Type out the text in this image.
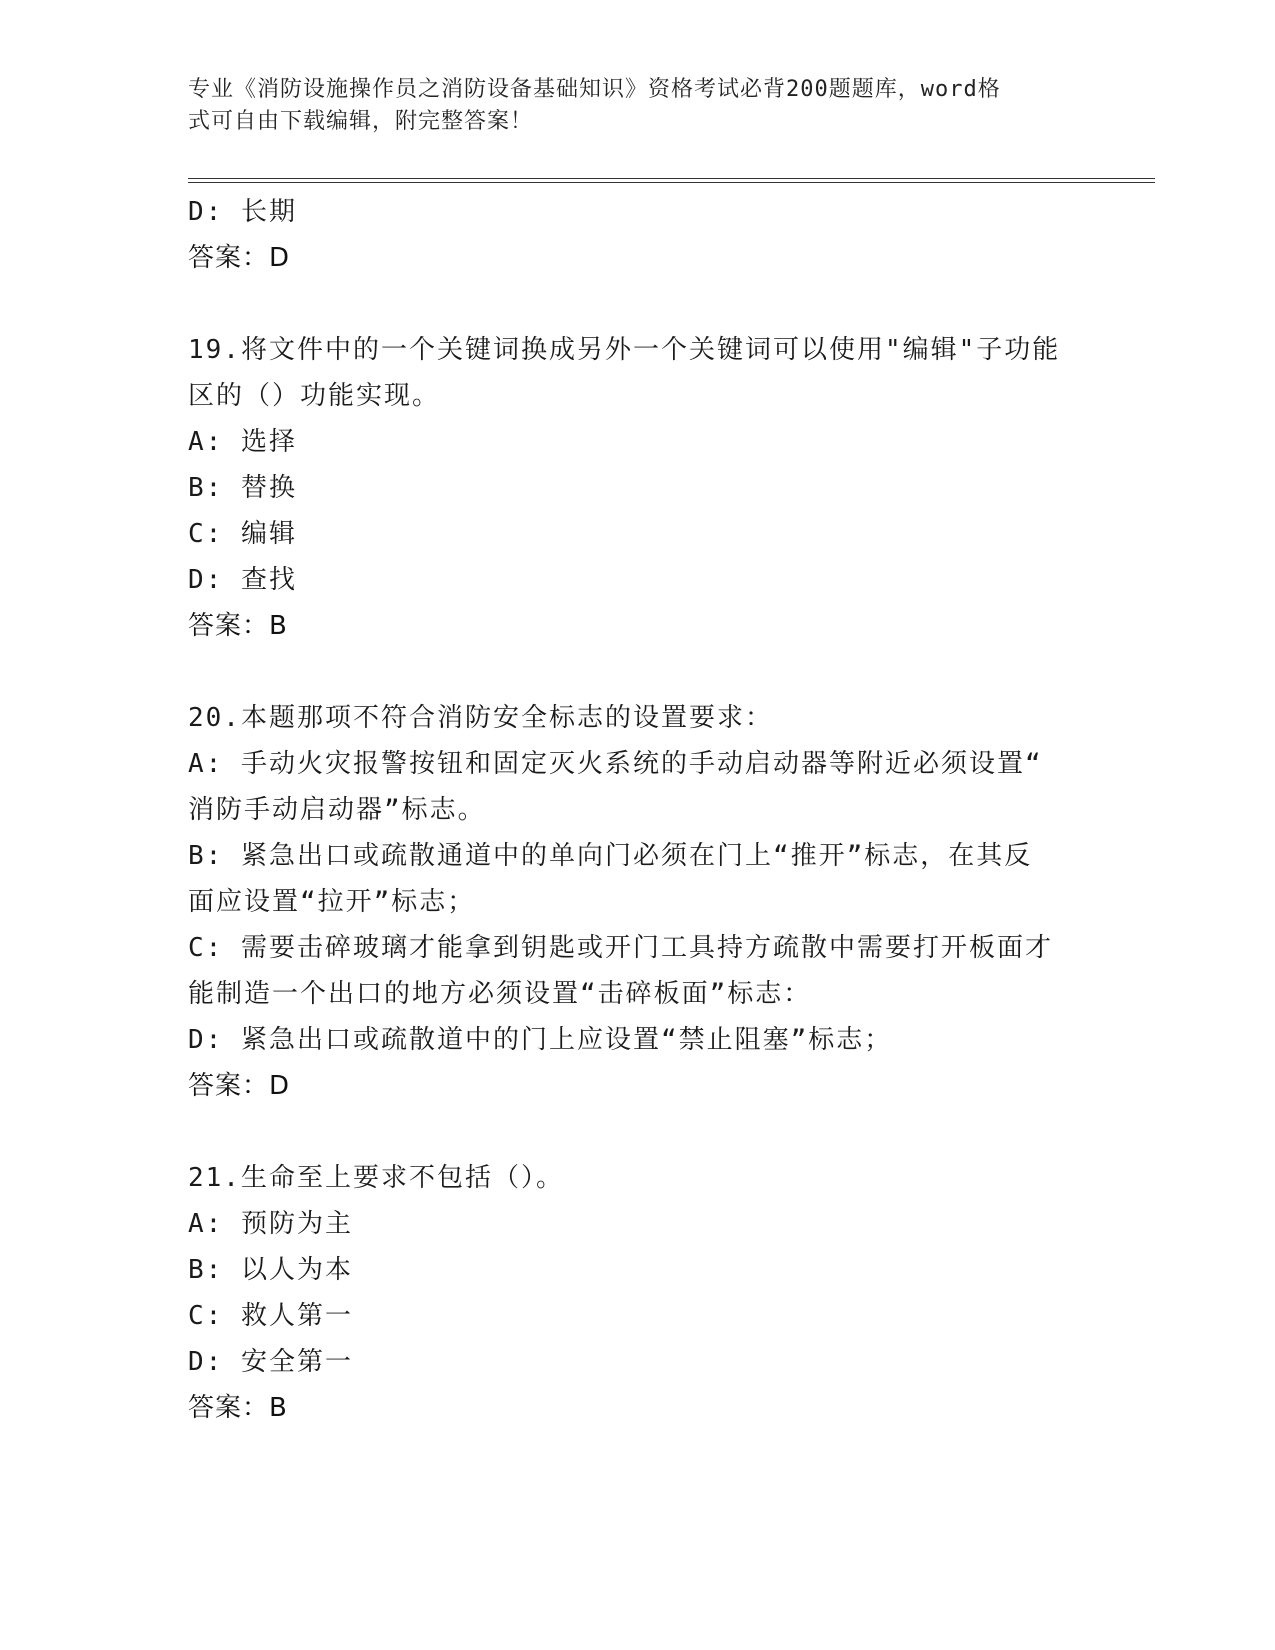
专业《消防设施操作员之消防设备基础知识》资格考试必背200题题库，word格
式可自由下载编辑，附完整答案！
D: 长期
答案：D
19.将文件中的一个关键词换成另外一个关键词可以使用"编辑"子功能
区的（）功能实现。
A: 选择
B: 替换
C: 编辑
D: 查找
答案：B
20.本题那项不符合消防安全标志的设置要求：
A: 手动火灾报警按钮和固定灭火系统的手动启动器等附近必须设置“
消防手动启动器”标志。
B: 紧急出口或疏散通道中的单向门必须在门上“推开”标志，在其反
面应设置“拉开”标志；
C: 需要击碎玻璃才能拿到钥匙或开门工具持方疏散中需要打开板面才
能制造一个出口的地方必须设置“击碎板面”标志：
D: 紧急出口或疏散道中的门上应设置“禁止阻塞”标志；
答案：D
21.生命至上要求不包括（）。
A: 预防为主
B: 以人为本
C: 救人第一
D: 安全第一
答案：B
